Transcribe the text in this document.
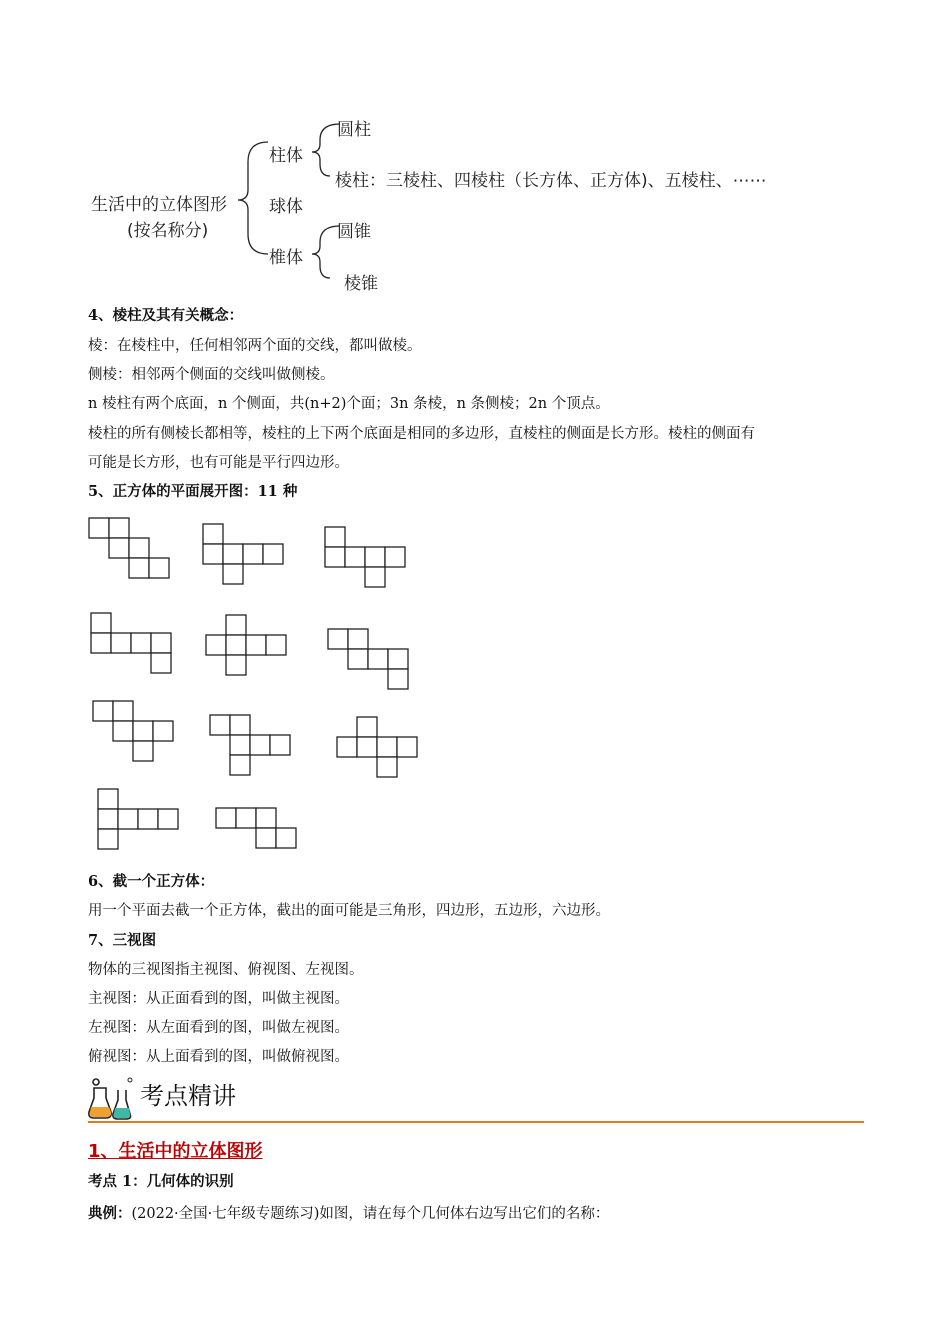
生活中的立体图形
(按名称分)
柱体
球体
椎体
圆柱
棱柱：三棱柱、四棱柱（长方体、正方体)、五棱柱、⋯⋯
圆锥
棱锥
4、棱柱及其有关概念：
棱：在棱柱中，任何相邻两个面的交线，都叫做棱。
侧棱：相邻两个侧面的交线叫做侧棱。
n 棱柱有两个底面，n 个侧面，共(n+2)个面；3n 条棱，n 条侧棱；2n 个顶点。
棱柱的所有侧棱长都相等，棱柱的上下两个底面是相同的多边形，直棱柱的侧面是长方形。棱柱的侧面有
可能是长方形，也有可能是平行四边形。
5、正方体的平面展开图：11 种
6、截一个正方体：
用一个平面去截一个正方体，截出的面可能是三角形，四边形，五边形，六边形。
7、三视图
物体的三视图指主视图、俯视图、左视图。
主视图：从正面看到的图，叫做主视图。
左视图：从左面看到的图，叫做左视图。
俯视图：从上面看到的图，叫做俯视图。
考点精讲
1、生活中的立体图形
考点 1：几何体的识别
典例：(2022·全国·七年级专题练习)如图，请在每个几何体右边写出它们的名称：
